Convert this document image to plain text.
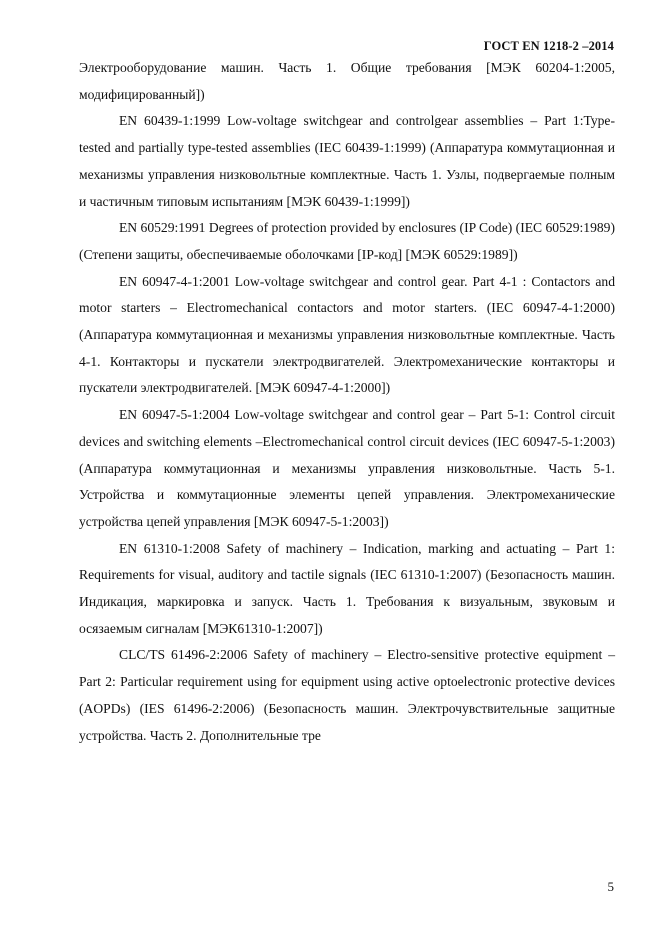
ГОСТ EN 1218-2 –2014

Электрооборудование машин. Часть 1. Общие требования [МЭК 60204-1:2005, модифицированный])

EN 60439-1:1999 Low-voltage switchgear and controlgear assemblies – Part 1:Type-tested and partially type-tested assemblies (IEC 60439-1:1999) (Аппаратура коммутационная и механизмы управления низковольтные комплектные. Часть 1. Узлы, подвергаемые полным и частичным типовым испытаниям [МЭК 60439-1:1999])

EN 60529:1991 Degrees of protection provided by enclosures (IP Code) (IEC 60529:1989) (Степени защиты, обеспечиваемые оболочками [IP-код] [МЭК 60529:1989])

EN 60947-4-1:2001 Low-voltage switchgear and control gear. Part 4-1 : Contactors and motor starters – Electromechanical contactors and motor starters. (IEC 60947-4-1:2000) (Аппаратура коммутационная и механизмы управления низковольтные комплектные. Часть 4-1. Контакторы и пускатели электродвигателей. Электромеханические контакторы и пускатели электродвигателей. [МЭК 60947-4-1:2000])

EN 60947-5-1:2004 Low-voltage switchgear and control gear – Part 5-1: Control circuit devices and switching elements –Electromechanical control circuit devices (IEC 60947-5-1:2003) (Аппаратура коммутационная и механизмы управления низковольтные. Часть 5-1. Устройства и коммутационные элементы цепей управления. Электромеханические устройства цепей управления [МЭК 60947-5-1:2003])

EN 61310-1:2008 Safety of machinery – Indication, marking and actuating – Part 1: Requirements for visual, auditory and tactile signals (IEC 61310-1:2007) (Безопасность машин. Индикация, маркировка и запуск. Часть 1. Требования к визуальным, звуковым и осязаемым сигналам [МЭК61310-1:2007])

CLC/TS 61496-2:2006 Safety of machinery – Electro-sensitive protective equipment – Part 2: Particular requirement using for equipment using active optoelectronic protective devices (AOPDs) (IES 61496-2:2006) (Безопасность машин. Электрочувствительные защитные устройства. Часть 2. Дополнительные тре

5
